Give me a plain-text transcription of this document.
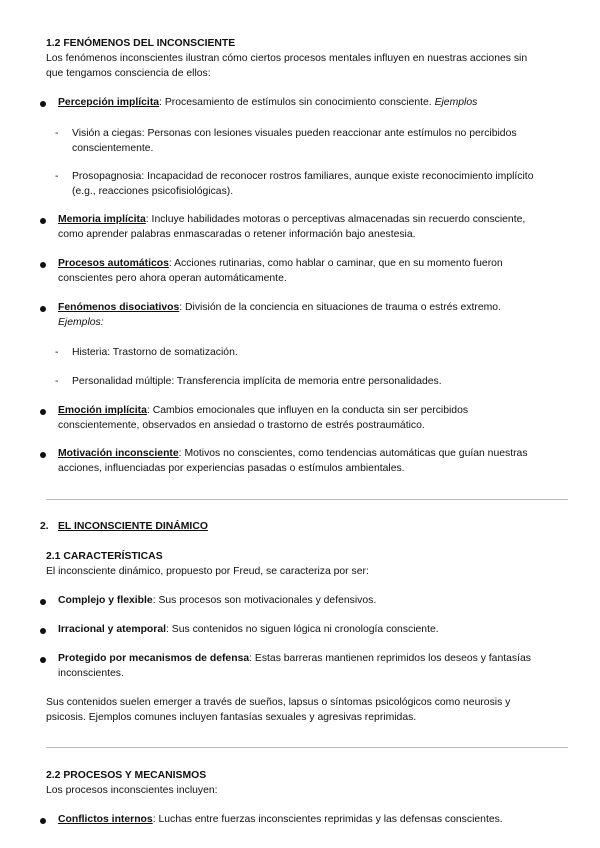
1.2 FENÓMENOS DEL INCONSCIENTE
Los fenómenos inconscientes ilustran cómo ciertos procesos mentales influyen en nuestras acciones sin
que tengamos consciencia de ellos:
Percepción implícita: Procesamiento de estímulos sin conocimiento consciente. Ejemplos
- Visión a ciegas: Personas con lesiones visuales pueden reaccionar ante estímulos no percibidos
conscientemente.
- Prosopagnosia: Incapacidad de reconocer rostros familiares, aunque existe reconocimiento implícito
(e.g., reacciones psicofisiológicas).
Memoria implícita: Incluye habilidades motoras o perceptivas almacenadas sin recuerdo consciente,
como aprender palabras enmascaradas o retener información bajo anestesia.
Procesos automáticos: Acciones rutinarias, como hablar o caminar, que en su momento fueron
conscientes pero ahora operan automáticamente.
Fenómenos disociativos: División de la conciencia en situaciones de trauma o estrés extremo.
Ejemplos:
- Histeria: Trastorno de somatización.
- Personalidad múltiple: Transferencia implícita de memoria entre personalidades.
Emoción implícita: Cambios emocionales que influyen en la conducta sin ser percibidos
conscientemente, observados en ansiedad o trastorno de estrés postraumático.
Motivación inconsciente: Motivos no conscientes, como tendencias automáticas que guían nuestras
acciones, influenciadas por experiencias pasadas o estímulos ambientales.
2. EL INCONSCIENTE DINÁMICO
2.1 CARACTERÍSTICAS
El inconsciente dinámico, propuesto por Freud, se caracteriza por ser:
Complejo y flexible: Sus procesos son motivacionales y defensivos.
Irracional y atemporal: Sus contenidos no siguen lógica ni cronología consciente.
Protegido por mecanismos de defensa: Estas barreras mantienen reprimidos los deseos y fantasías
inconscientes.
Sus contenidos suelen emerger a través de sueños, lapsus o síntomas psicológicos como neurosis y
psicosis. Ejemplos comunes incluyen fantasías sexuales y agresivas reprimidas.
2.2 PROCESOS Y MECANISMOS
Los procesos inconscientes incluyen:
Conflictos internos: Luchas entre fuerzas inconscientes reprimidas y las defensas conscientes.
